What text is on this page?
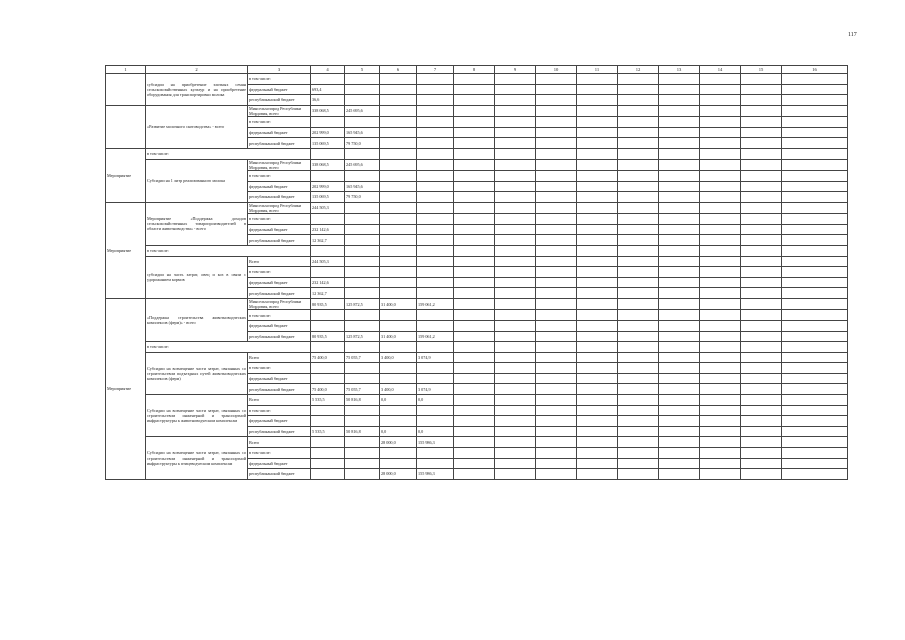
117
1	2	3	4	5	6	7	8	9	10	11	12	13	14	15	16
	субсидии на приобретение элитных семян сельскохозяйственных культур и на приобретение оборудования для транспортировки молока	в том числе:													
		федеральный бюджет	693,4												
		республиканский бюджет	36,6												
	«Развитие молочного скотоводства» - всего	Минсельхозпрод Республики Мордовия, всего	338 068,5	245 695,6											
		в том числе:													
		федеральный бюджет	202 999,0	165 945,6											
		республиканский бюджет	135 069,5	79 750,0											
Мероприятие	в том числе:														
	Субсидии на 1 литр реализованного молока	Минсельхозпрод Республики Мордовия, всего	338 068,5	245 695,6											
		в том числе:													
		федеральный бюджет	202 999,0	165 945,6											
		республиканский бюджет	135 069,5	79 750,0											
Мероприятие	Мероприятие «Поддержка доходов сельскохозяйственных товаропроизводителей в области животноводства» - всего	Минсельхозпрод Республики Мордовия, всего	244 505,3												
		в том числе:													
		федеральный бюджет	232 142,6												
		республиканский бюджет	12 362,7												
	в том числе:														
	субсидии на часть затрат, овец и коз в связи с удорожанием кормов	Всего	244 505,3												
		в том числе:													
		федеральный бюджет	232 142,6												
		республиканский бюджет	12 362,7												
Мероприятие	«Поддержка строительства животноводческих комплексов (ферм)» - всего	Минсельхозпрод Республики Мордовия, всего	80 935,5	125 872,5	31 400,0	159 061,2									
		в том числе:													
		федеральный бюджет													
		республиканский бюджет	80 935,5	125 872,5	31 400,0	159 061,2									
	в том числе:														
	Субсидии на возмещение части затрат, связанных со строительством подъездных путей животноводческих комплексов (ферм)	Всего	75 400,0	75 055,7	3 400,0	3 074,9									
		в том числе:													
		федеральный бюджет													
		республиканский бюджет	75 400,0	75 055,7	3 400,0	3 074,9									
	Субсидии на возмещение части затрат, связанных со строительством инженерной и транспортной инфраструктуры к животноводческим комплексам	Всего	5 535,5	50 816,8	0,0	0,0									
		в том числе:													
		федеральный бюджет													
		республиканский бюджет	5 535,5	50 816,8	0,0	0,0									
	Субсидии на возмещение части затрат, связанных со строительством инженерной и транспортной инфраструктуры к птицеводческим комплексам	Всего			28 000,0	155 986,3									
		в том числе:													
		федеральный бюджет													
		республиканский бюджет			28 000,0	155 986,3									
